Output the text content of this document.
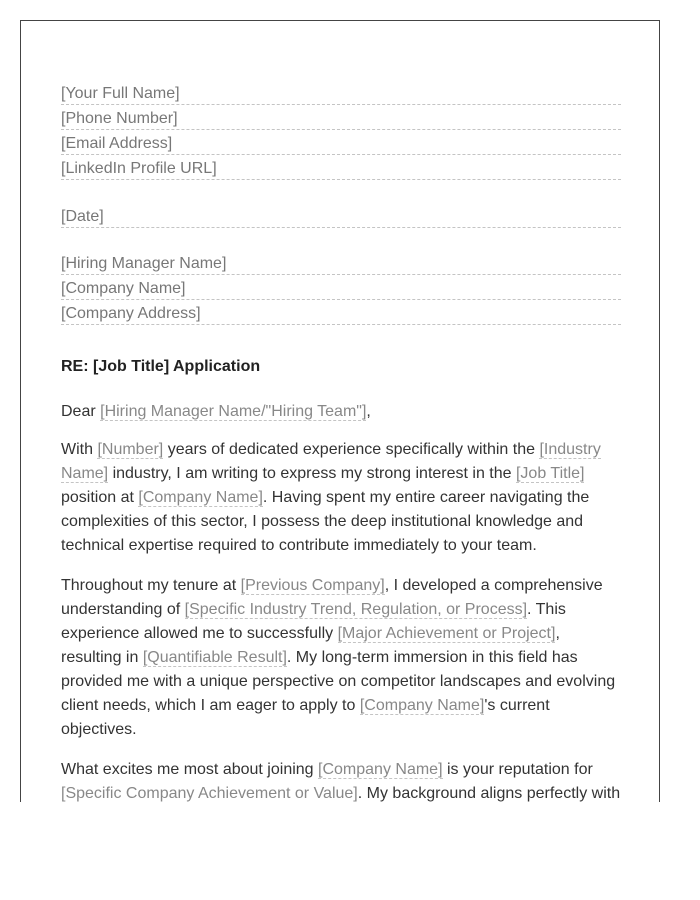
[Your Full Name]
[Phone Number]
[Email Address]
[LinkedIn Profile URL]
[Date]
[Hiring Manager Name]
[Company Name]
[Company Address]
RE: [Job Title] Application

Dear [Hiring Manager Name/"Hiring Team"],

With [Number] years of dedicated experience specifically within the [Industry Name] industry, I am writing to express my strong interest in the [Job Title] position at [Company Name]. Having spent my entire career navigating the complexities of this sector, I possess the deep institutional knowledge and technical expertise required to contribute immediately to your team.

Throughout my tenure at [Previous Company], I developed a comprehensive understanding of [Specific Industry Trend, Regulation, or Process]. This experience allowed me to successfully [Major Achievement or Project], resulting in [Quantifiable Result]. My long-term immersion in this field has provided me with a unique perspective on competitor landscapes and evolving client needs, which I am eager to apply to [Company Name]'s current objectives.

What excites me most about joining [Company Name] is your reputation for [Specific Company Achievement or Value]. My background aligns perfectly with
